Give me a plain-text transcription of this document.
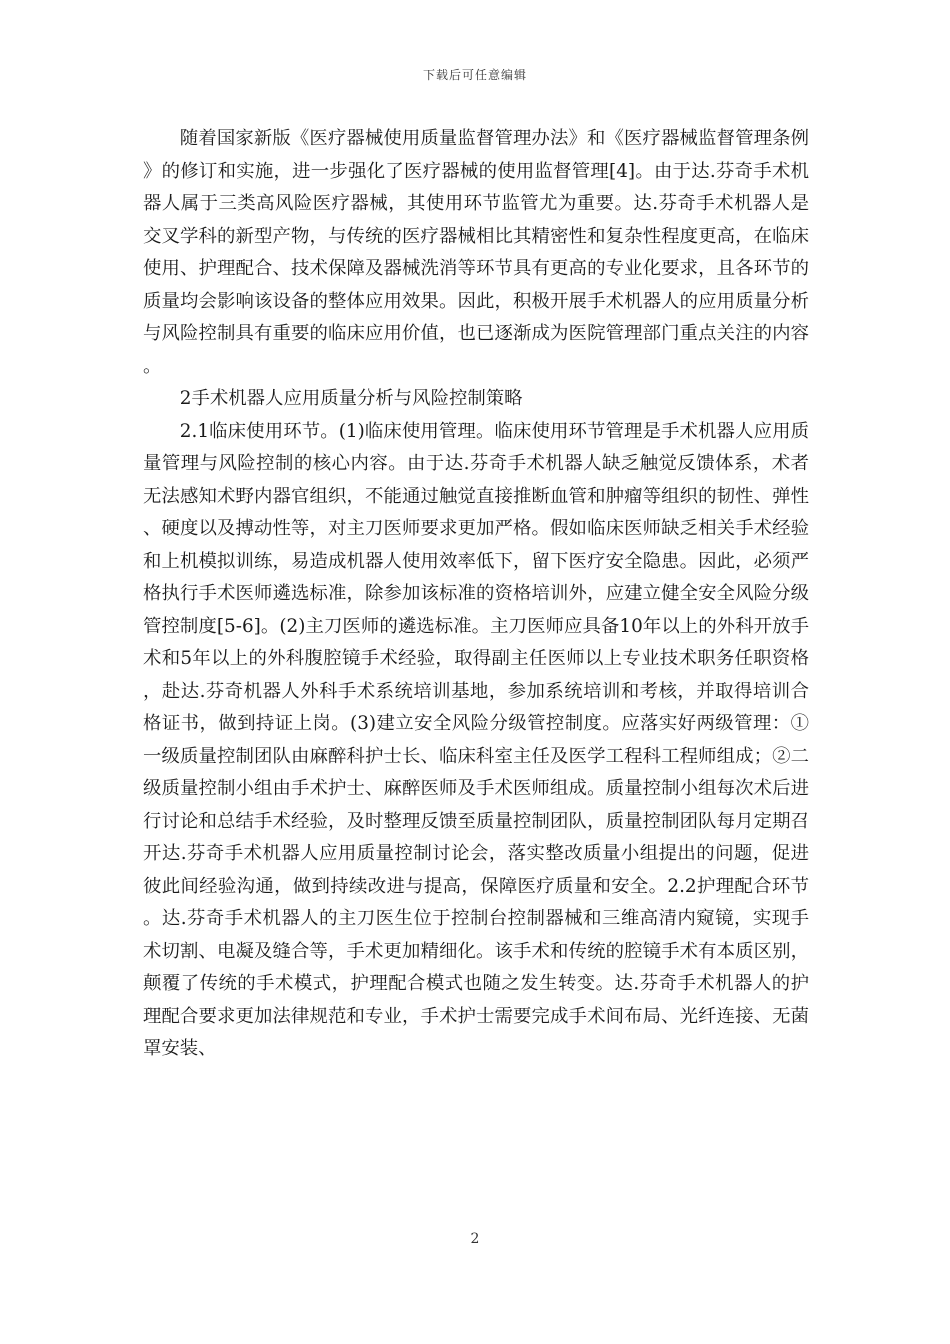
下载后可任意编辑

随着国家新版《医疗器械使用质量监督管理办法》和《医疗器械监督管理条例》的修订和实施，进一步强化了医疗器械的使用监督管理[4]。由于达.芬奇手术机器人属于三类高风险医疗器械，其使用环节监管尤为重要。达.芬奇手术机器人是交叉学科的新型产物，与传统的医疗器械相比其精密性和复杂性程度更高，在临床使用、护理配合、技术保障及器械洗消等环节具有更高的专业化要求，且各环节的质量均会影响该设备的整体应用效果。因此，积极开展手术机器人的应用质量分析与风险控制具有重要的临床应用价值，也已逐渐成为医院管理部门重点关注的内容。

2手术机器人应用质量分析与风险控制策略

2.1临床使用环节。(1)临床使用管理。临床使用环节管理是手术机器人应用质量管理与风险控制的核心内容。由于达.芬奇手术机器人缺乏触觉反馈体系，术者无法感知术野内器官组织，不能通过触觉直接推断血管和肿瘤等组织的韧性、弹性、硬度以及搏动性等，对主刀医师要求更加严格。假如临床医师缺乏相关手术经验和上机模拟训练，易造成机器人使用效率低下，留下医疗安全隐患。因此，必须严格执行手术医师遴选标准，除参加该标准的资格培训外，应建立健全安全风险分级管控制度[5-6]。(2)主刀医师的遴选标准。主刀医师应具备10年以上的外科开放手术和5年以上的外科腹腔镜手术经验，取得副主任医师以上专业技术职务任职资格，赴达.芬奇机器人外科手术系统培训基地，参加系统培训和考核，并取得培训合格证书，做到持证上岗。(3)建立安全风险分级管控制度。应落实好两级管理：①一级质量控制团队由麻醉科护士长、临床科室主任及医学工程科工程师组成；②二级质量控制小组由手术护士、麻醉医师及手术医师组成。质量控制小组每次术后进行讨论和总结手术经验，及时整理反馈至质量控制团队，质量控制团队每月定期召开达.芬奇手术机器人应用质量控制讨论会，落实整改质量小组提出的问题，促进彼此间经验沟通，做到持续改进与提高，保障医疗质量和安全。2.2护理配合环节。达.芬奇手术机器人的主刀医生位于控制台控制器械和三维高清内窥镜，实现手术切割、电凝及缝合等，手术更加精细化。该手术和传统的腔镜手术有本质区别，颠覆了传统的手术模式，护理配合模式也随之发生转变。达.芬奇手术机器人的护理配合要求更加法律规范和专业，手术护士需要完成手术间布局、光纤连接、无菌罩安装、

2
